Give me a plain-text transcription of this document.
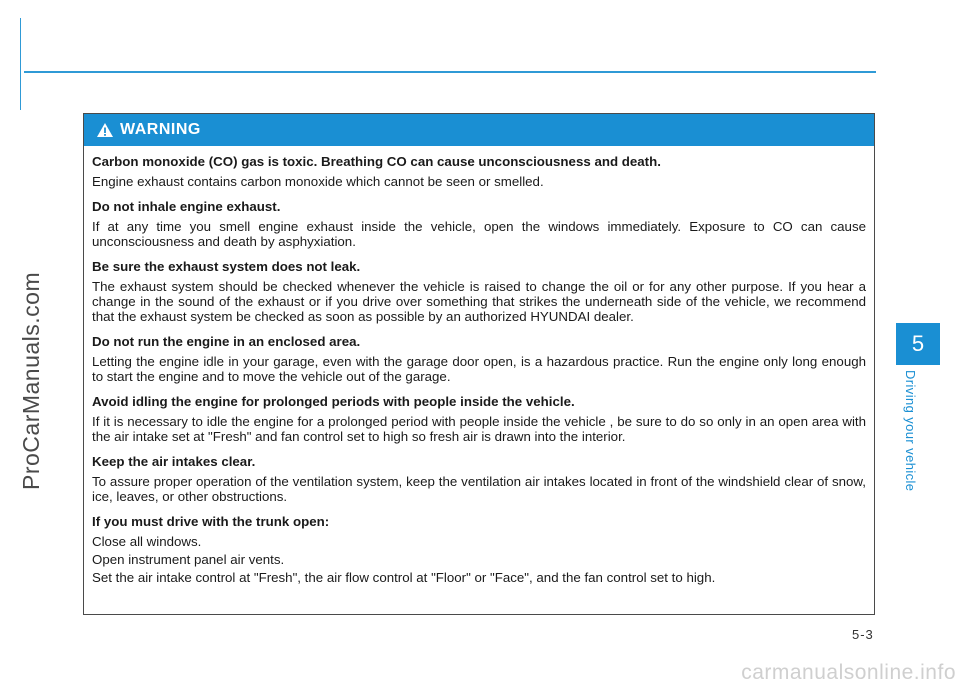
ProCarManuals.com	5
Driving your vehicle
WARNING
Carbon monoxide (CO) gas is toxic. Breathing CO can cause unconsciousness and death.
Engine exhaust contains carbon monoxide which cannot be seen or smelled.
Do not inhale engine exhaust.
If at any time you smell engine exhaust inside the vehicle, open the windows immediately. Exposure to CO can cause unconsciousness and death by asphyxiation.
Be sure the exhaust system does not leak.
The exhaust system should be checked whenever the vehicle is raised to change the oil or for any other purpose. If you hear a change in the sound of the exhaust or if you drive over something that strikes the underneath side of the vehicle, we recommend that the exhaust system be checked as soon as possible by an authorized HYUNDAI dealer.
Do not run the engine in an enclosed area.
Letting the engine idle in your garage, even with the garage door open, is a hazardous practice. Run the engine only long enough to start the engine and to move the vehicle out of the garage.
Avoid idling the engine for prolonged periods with people inside the vehicle.
If it is necessary to idle the engine for a prolonged period with people inside the vehicle , be sure to do so only in an open area with the air intake set at "Fresh" and fan control set to high so fresh air is drawn into the interior.
Keep the air intakes clear.
To assure proper operation of the ventilation system, keep the ventilation air intakes located in front of the windshield clear of snow, ice, leaves, or other obstructions.
If you must drive with the trunk open:
Close all windows.
Open instrument panel air vents.
Set the air intake control at "Fresh", the air flow control at "Floor" or "Face", and the fan control set to high.
5-3
carmanualsonline.info
